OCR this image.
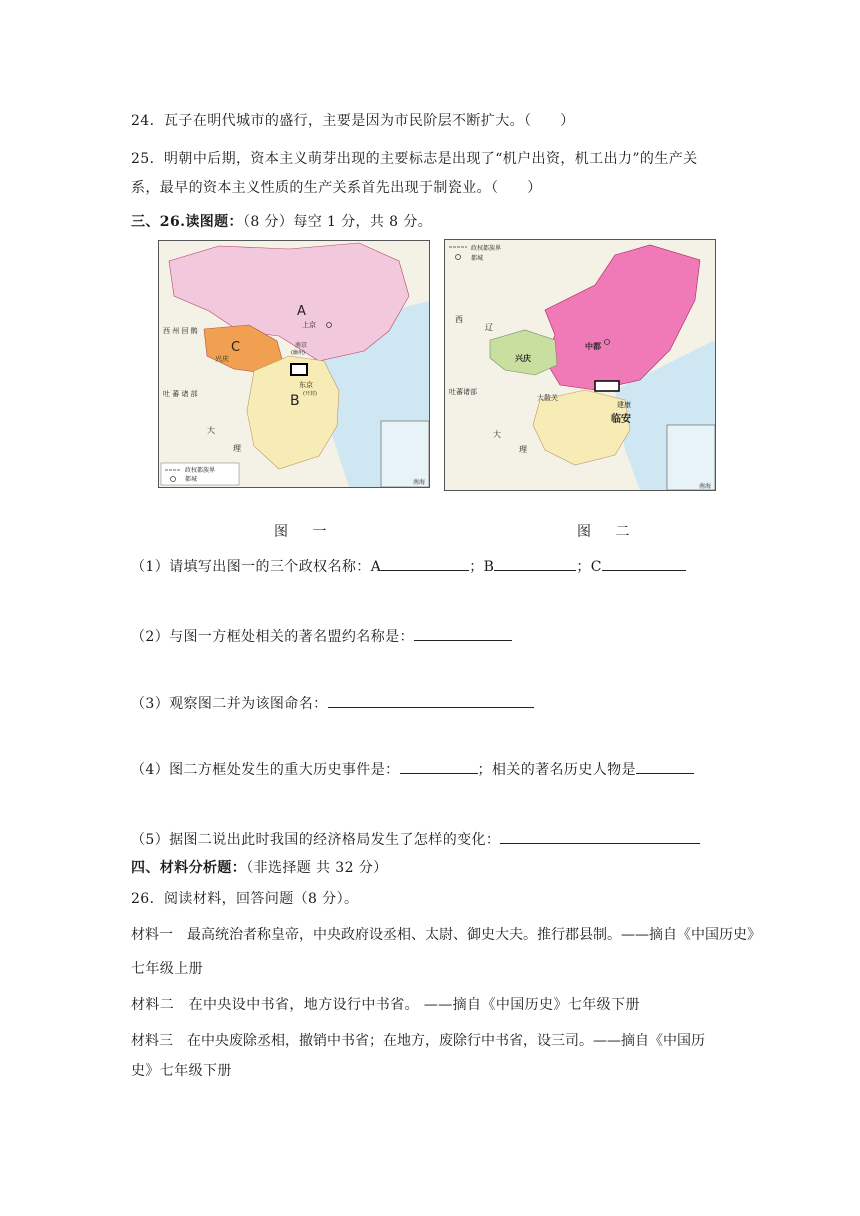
24．瓦子在明代城市的盛行，主要是因为市民阶层不断扩大。（　　）
25．明朝中后期，资本主义萌芽出现的主要标志是出现了“机户出资，机工出力”的生产关
系，最早的资本主义性质的生产关系首先出现于制瓷业。（　　）
三、26.读图题：（8 分）每空 1 分，共 8 分。
南海
A
B
C
上京
西 州 回 鹘
兴庆
南京
(幽州)
东京
(开封)
吐 蕃 诸 部
大
理
政权都族界
都城
南海
西
辽
兴庆
中都
吐蕃诸部
大散关
建康
临安
大
理
政权都族界
都城
图 一	图 二
（1）请填写出图一的三个政权名称：A	；B	；C
（2）与图一方框处相关的著名盟约名称是：
（3）观察图二并为该图命名：
（4）图二方框处发生的重大历史事件是：	；相关的著名历史人物是
（5）据图二说出此时我国的经济格局发生了怎样的变化：
四、材料分析题：（非选择题 共 32 分）
26．阅读材料，回答问题（8 分）。
材料一　最高统治者称皇帝，中央政府设丞相、太尉、御史大夫。推行郡县制。——摘自《中国历史》
七年级上册
材料二　在中央设中书省，地方设行中书省。 ——摘自《中国历史》七年级下册
材料三　在中央废除丞相，撤销中书省；在地方，废除行中书省，设三司。——摘自《中国历
史》七年级下册
